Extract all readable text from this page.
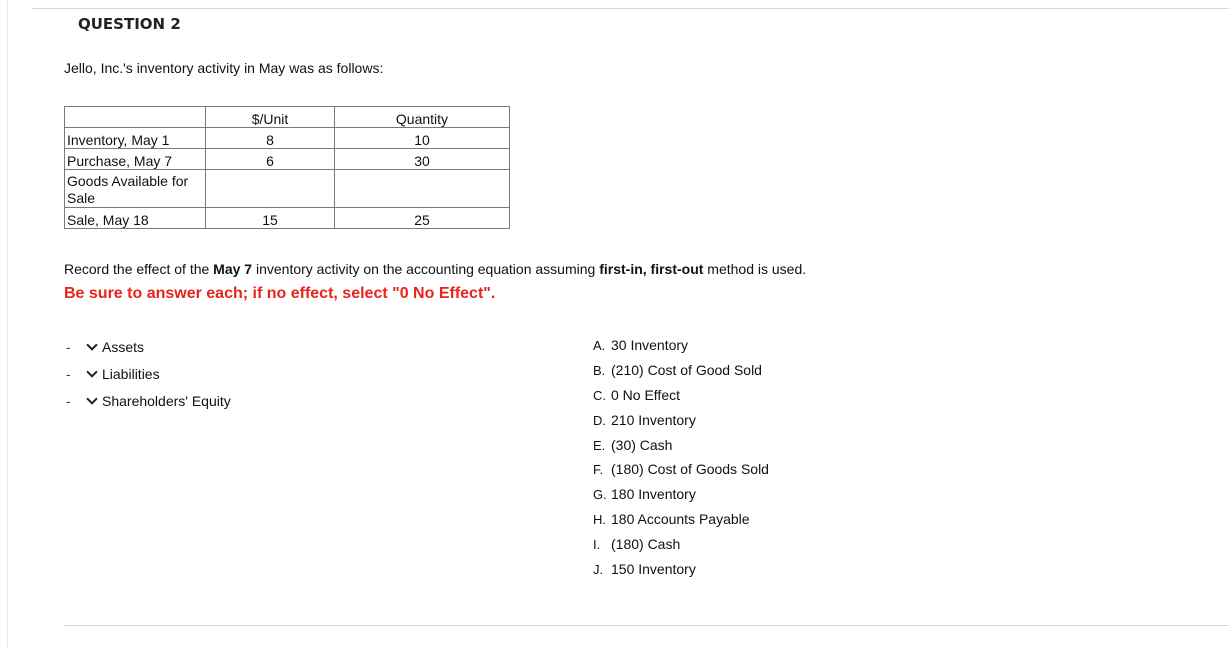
QUESTION 2
Jello, Inc.'s inventory activity in May was as follows:
	$/Unit	Quantity
Inventory, May 1	8	10
Purchase, May 7	6	30
Goods Available for Sale		
Sale, May 18	15	25
Record the effect of the May 7 inventory activity on the accounting equation assuming first-in, first-out method is used.
Be sure to answer each; if no effect, select "0 No Effect".
-	Assets
-	Liabilities
-	Shareholders' Equity
A. 30 Inventory
B. (210) Cost of Good Sold
C. 0 No Effect
D. 210 Inventory
E. (30) Cash
F. (180) Cost of Goods Sold
G. 180 Inventory
H. 180 Accounts Payable
I. (180) Cash
J. 150 Inventory
